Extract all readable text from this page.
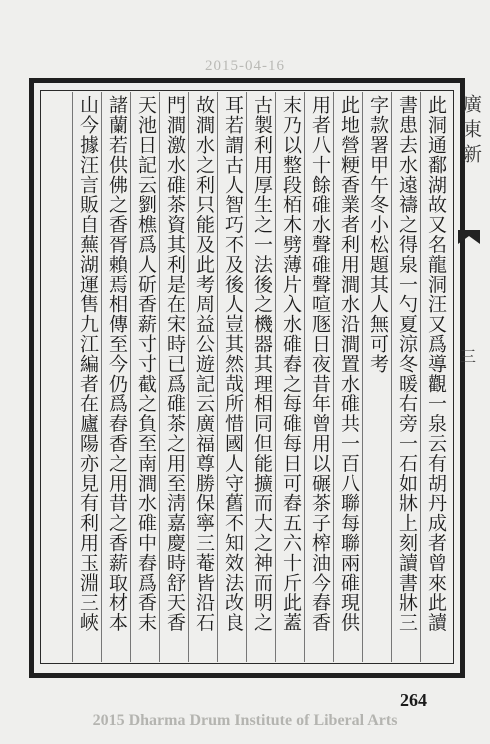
2015-04-16
廣東新
三
此洞通鄱湖故又名龍洞汪又爲導觀一泉云有胡丹成者曾來此讀
書患去水遠禱之得泉一勺夏涼冬暖右旁一石如牀上刻讀書牀三
字款署甲午冬小松題其人無可考
此地營粳香業者利用澗水沿澗置水碓共一百八聯每聯兩碓現供
用者八十餘碓水聲碓聲喧豗日夜昔年曾用以碾茶子榨油今舂香
末乃以整段栢木劈薄片入水碓舂之每碓每日可舂五六十斤此蓋
古製利用厚生之一法後之機器其理相同但能擴而大之神而明之
耳若謂古人智巧不及後人豈其然哉所惜國人守舊不知效法改良
故澗水之利只能及此考周益公遊記云廣福尊勝保寧三菴皆沿石
門澗激水碓茶資其利是在宋時已爲碓茶之用至淸嘉慶時舒天香
天池日記云劉樵爲人斫香薪寸寸截之負至南澗水碓中舂爲香末
諸蘭若供佛之香胥賴焉相傳至今仍爲舂香之用昔之香薪取材本
山今據汪言販自蕪湖運售九江編者在廬陽亦見有利用玉淵三峽
264
2015 Dharma Drum Institute of Liberal Arts
